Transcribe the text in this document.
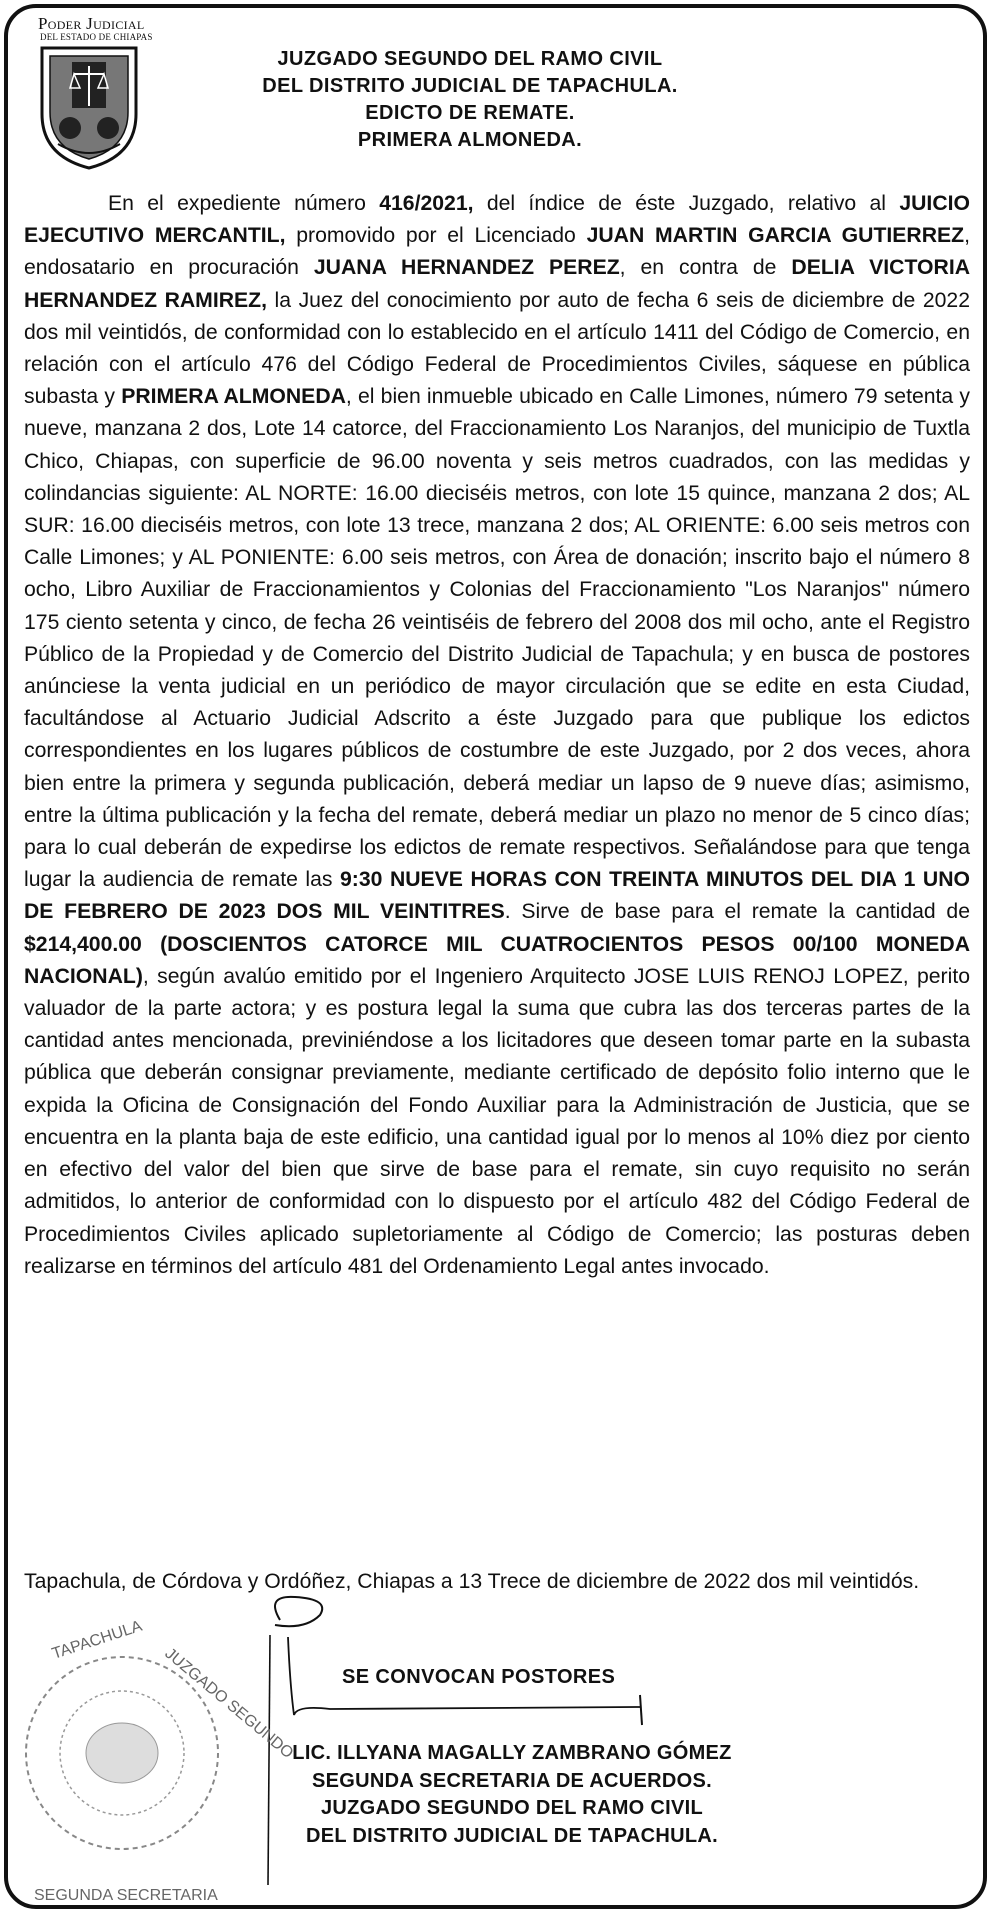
Poder Judicial
DEL ESTADO DE CHIAPAS
JUZGADO SEGUNDO DEL RAMO CIVIL
DEL DISTRITO JUDICIAL DE TAPACHULA.
EDICTO DE REMATE.
PRIMERA ALMONEDA.

En el expediente número 416/2021, del índice de éste Juzgado, relativo al JUICIO EJECUTIVO MERCANTIL, promovido por el Licenciado JUAN MARTIN GARCIA GUTIERREZ, endosatario en procuración JUANA HERNANDEZ PEREZ, en contra de DELIA VICTORIA HERNANDEZ RAMIREZ, la Juez del conocimiento por auto de fecha 6 seis de diciembre de 2022 dos mil veintidós, de conformidad con lo establecido en el artículo 1411 del Código de Comercio, en relación con el artículo 476 del Código Federal de Procedimientos Civiles, sáquese en pública subasta y PRIMERA ALMONEDA, el bien inmueble ubicado en Calle Limones, número 79 setenta y nueve, manzana 2 dos, Lote 14 catorce, del Fraccionamiento Los Naranjos, del municipio de Tuxtla Chico, Chiapas, con superficie de 96.00 noventa y seis metros cuadrados, con las medidas y colindancias siguiente: AL NORTE: 16.00 dieciséis metros, con lote 15 quince, manzana 2 dos; AL SUR: 16.00 dieciséis metros, con lote 13 trece, manzana 2 dos; AL ORIENTE: 6.00 seis metros con Calle Limones; y AL PONIENTE: 6.00 seis metros, con Área de donación; inscrito bajo el número 8 ocho, Libro Auxiliar de Fraccionamientos y Colonias del Fraccionamiento "Los Naranjos" número 175 ciento setenta y cinco, de fecha 26 veintiséis de febrero del 2008 dos mil ocho, ante el Registro Público de la Propiedad y de Comercio del Distrito Judicial de Tapachula; y en busca de postores anúnciese la venta judicial en un periódico de mayor circulación que se edite en esta Ciudad, facultándose al Actuario Judicial Adscrito a éste Juzgado para que publique los edictos correspondientes en los lugares públicos de costumbre de este Juzgado, por 2 dos veces, ahora bien entre la primera y segunda publicación, deberá mediar un lapso de 9 nueve días; asimismo, entre la última publicación y la fecha del remate, deberá mediar un plazo no menor de 5 cinco días; para lo cual deberán de expedirse los edictos de remate respectivos. Señalándose para que tenga lugar la audiencia de remate las 9:30 NUEVE HORAS CON TREINTA MINUTOS DEL DIA 1 UNO DE FEBRERO DE 2023 DOS MIL VEINTITRES. Sirve de base para el remate la cantidad de $214,400.00 (DOSCIENTOS CATORCE MIL CUATROCIENTOS PESOS 00/100 MONEDA NACIONAL), según avalúo emitido por el Ingeniero Arquitecto JOSE LUIS RENOJ LOPEZ, perito valuador de la parte actora; y es postura legal la suma que cubra las dos terceras partes de la cantidad antes mencionada, previniéndose a los licitadores que deseen tomar parte en la subasta pública que deberán consignar previamente, mediante certificado de depósito folio interno que le expida la Oficina de Consignación del Fondo Auxiliar para la Administración de Justicia, que se encuentra en la planta baja de este edificio, una cantidad igual por lo menos al 10% diez por ciento en efectivo del valor del bien que sirve de base para el remate, sin cuyo requisito no serán admitidos, lo anterior de conformidad con lo dispuesto por el artículo 482 del Código Federal de Procedimientos Civiles aplicado supletoriamente al Código de Comercio; las posturas deben realizarse en términos del artículo 481 del Ordenamiento Legal antes invocado.

Tapachula, de Córdova y Ordóñez, Chiapas a 13 Trece de diciembre de 2022 dos mil veintidós.
SE CONVOCAN POSTORES
TAPACHULA
JUZGADO SEGUNDO
SEGUNDA SECRETARIA
LIC. ILLYANA MAGALLY ZAMBRANO GÓMEZ
SEGUNDA SECRETARIA DE ACUERDOS.
JUZGADO SEGUNDO DEL RAMO CIVIL
DEL DISTRITO JUDICIAL DE TAPACHULA.
